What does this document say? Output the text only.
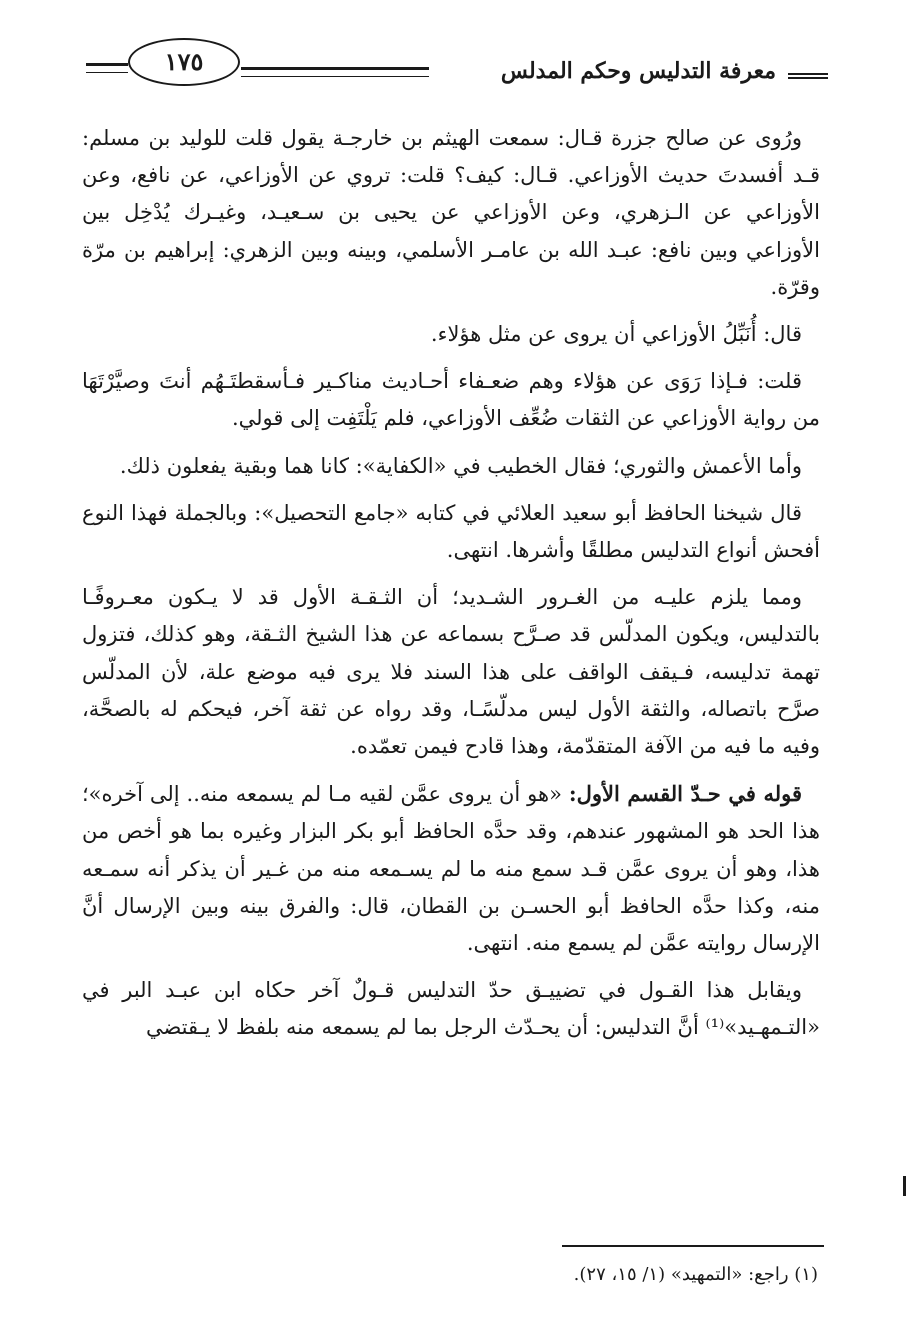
معرفة التدليس وحكم المدلس
١٧٥

ورُوى عن صالح جزرة قـال: سمعت الهيثم بن خارجـة يقول قلت للوليد بن مسلم: قـد أفسدتَ حديث الأوزاعي. قـال: كيف؟ قلت: تروي عن الأوزاعي، عن نافع، وعن الأوزاعي عن الـزهري، وعن الأوزاعي عن يحيى بن سـعيـد، وغيـرك يُدْخِل بين الأوزاعي وبين نافع: عبـد الله بن عامـر الأسلمي، وبينه وبين الزهري: إبراهيم بن مرّة وقرّة.

قال: أُنَبِّلُ الأوزاعي أن يروى عن مثل هؤلاء.

قلت: فـإذا رَوَى عن هؤلاء وهم ضعـفاء أحـاديث مناكـير فـأسقطتَـهُم أنتَ وصيَّرْتَهَا من رواية الأوزاعي عن الثقات ضُعِّف الأوزاعي، فلم يَلْتَفِت إلى قولي.

وأما الأعمش والثوري؛ فقال الخطيب في «الكفاية»: كانا هما وبقية يفعلون ذلك.

قال شيخنا الحافظ أبو سعيد العلائي في كتابه «جامع التحصيل»: وبالجملة فهذا النوع أفحش أنواع التدليس مطلقًا وأشرها. انتهى.

ومما يلزم عليـه من الغـرور الشـديد؛ أن الثـقـة الأول قد لا يـكون معـروفًـا بالتدليس، ويكون المدلّس قد صـرَّح بسماعه عن هذا الشيخ الثـقة، وهو كذلك، فتزول تهمة تدليسه، فـيقف الواقف على هذا السند فلا يرى فيه موضع علة، لأن المدلّس صرَّح باتصاله، والثقة الأول ليس مدلّسًـا، وقد رواه عن ثقة آخر، فيحكم له بالصحَّة، وفيه ما فيه من الآفة المتقدّمة، وهذا قادح فيمن تعمّده.

قوله في حـدّ القسم الأول: «هو أن يروى عمَّن لقيه مـا لم يسمعه منه.. إلى آخره»؛ هذا الحد هو المشهور عندهم، وقد حدَّه الحافظ أبو بكر البزار وغيره بما هو أخص من هذا، وهو أن يروى عمَّن قـد سمع منه ما لم يسـمعه منه من غـير أن يذكر أنه سمـعه منه، وكذا حدَّه الحافظ أبو الحسـن بن القطان، قال: والفرق بينه وبين الإرسال أنَّ الإرسال روايته عمَّن لم يسمع منه. انتهى.

ويقابل هذا القـول في تضييـق حدّ التدليس قـولٌ آخر حكاه ابن عبـد البر في «التـمهـيد»⁽¹⁾ أنَّ التدليس: أن يحـدّث الرجل بما لم يسمعه منه بلفظ لا يـقتضي

(١) راجع: «التمهيد» (١/ ١٥، ٢٧).
